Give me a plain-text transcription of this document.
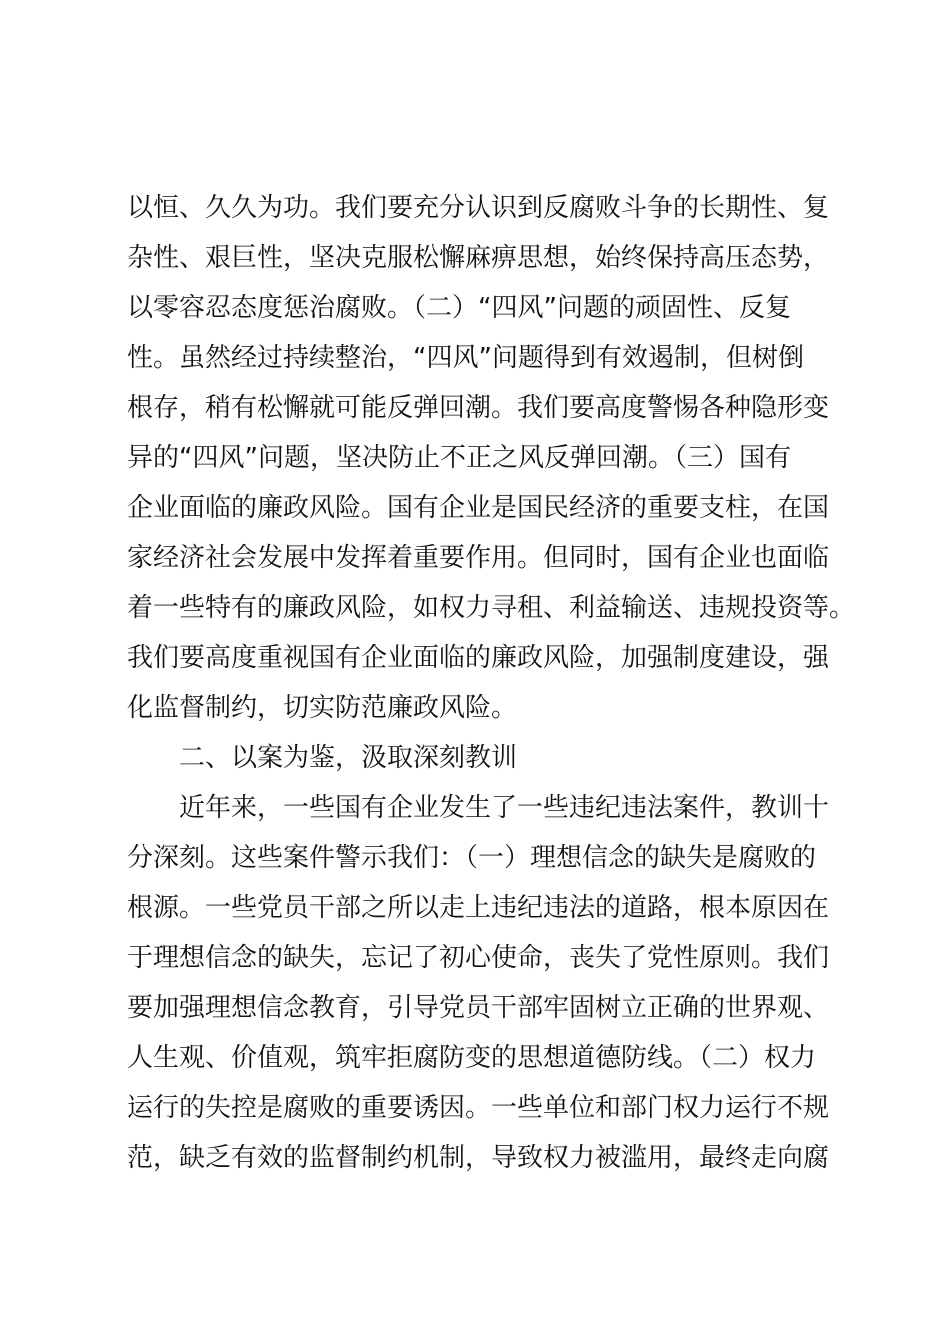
以恒、久久为功。我们要充分认识到反腐败斗争的长期性、复
杂性、艰巨性，坚决克服松懈麻痹思想，始终保持高压态势，
以零容忍态度惩治腐败。（二）“四风”问题的顽固性、反复
性。虽然经过持续整治，“四风”问题得到有效遏制，但树倒
根存，稍有松懈就可能反弹回潮。我们要高度警惕各种隐形变
异的“四风”问题，坚决防止不正之风反弹回潮。（三）国有
企业面临的廉政风险。国有企业是国民经济的重要支柱，在国
家经济社会发展中发挥着重要作用。但同时，国有企业也面临
着一些特有的廉政风险，如权力寻租、利益输送、违规投资等。
我们要高度重视国有企业面临的廉政风险，加强制度建设，强
化监督制约，切实防范廉政风险。
二、以案为鉴，汲取深刻教训
近年来，一些国有企业发生了一些违纪违法案件，教训十
分深刻。这些案件警示我们：（一）理想信念的缺失是腐败的
根源。一些党员干部之所以走上违纪违法的道路，根本原因在
于理想信念的缺失，忘记了初心使命，丧失了党性原则。我们
要加强理想信念教育，引导党员干部牢固树立正确的世界观、
人生观、价值观，筑牢拒腐防变的思想道德防线。（二）权力
运行的失控是腐败的重要诱因。一些单位和部门权力运行不规
范，缺乏有效的监督制约机制，导致权力被滥用，最终走向腐
